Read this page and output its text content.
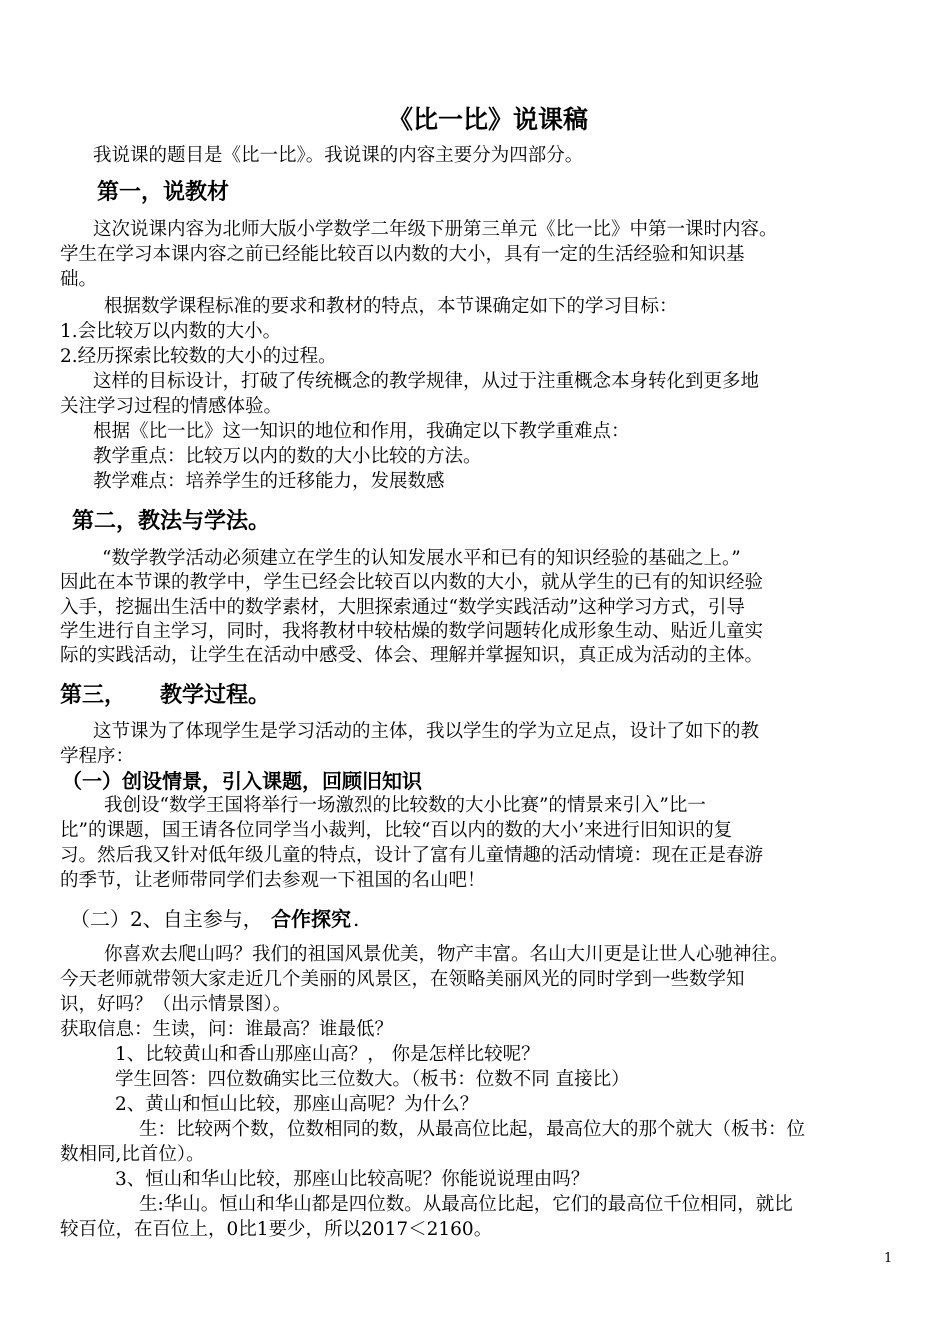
《比一比》说课稿
我说课的题目是《比一比》。我说课的内容主要分为四部分。
第一，说教材
这次说课内容为北师大版小学数学二年级下册第三单元《比一比》中第一课时内容。
学生在学习本课内容之前已经能比较百以内数的大小，具有一定的生活经验和知识基
础。
根据数学课程标准的要求和教材的特点，本节课确定如下的学习目标：
1.会比较万以内数的大小。
2.经历探索比较数的大小的过程。
这样的目标设计，打破了传统概念的教学规律，从过于注重概念本身转化到更多地
关注学习过程的情感体验。
根据《比一比》这一知识的地位和作用，我确定以下教学重难点：
教学重点：比较万以内的数的大小比较的方法。
教学难点：培养学生的迁移能力，发展数感
第二，教法与学法。
“数学教学活动必须建立在学生的认知发展水平和已有的知识经验的基础之上。”
因此在本节课的教学中，学生已经会比较百以内数的大小，就从学生的已有的知识经验
入手，挖掘出生活中的数学素材，大胆探索通过“数学实践活动”这种学习方式，引导
学生进行自主学习，同时，我将教材中较枯燥的数学问题转化成形象生动、贴近儿童实
际的实践活动，让学生在活动中感受、体会、理解并掌握知识，真正成为活动的主体。
第三， 教学过程。
这节课为了体现学生是学习活动的主体，我以学生的学为立足点，设计了如下的教
学程序：
（一）创设情景，引入课题，回顾旧知识
我创设“数学王国将举行一场激烈的比较数的大小比赛”的情景来引入”比一
比”的课题，国王请各位同学当小裁判，比较“百以内的数的大小’来进行旧知识的复
习。然后我又针对低年级儿童的特点，设计了富有儿童情趣的活动情境：现在正是春游
的季节，让老师带同学们去参观一下祖国的名山吧！
（二）2、自主参与， 合作探究 .
你喜欢去爬山吗？我们的祖国风景优美，物产丰富。名山大川更是让世人心驰神往。
今天老师就带领大家走近几个美丽的风景区，在领略美丽风光的同时学到一些数学知
识，好吗？（出示情景图）。
获取信息：生读，问：谁最高？谁最低？
1、比较黄山和香山那座山高？， 你是怎样比较呢？
学生回答：四位数确实比三位数大。（板书：位数不同 直接比）
2、黄山和恒山比较，那座山高呢？为什么？
生：比较两个数，位数相同的数，从最高位比起，最高位大的那个就大（板书：位
数相同,比首位）。
3、恒山和华山比较，那座山比较高呢？你能说说理由吗？
生:华山。恒山和华山都是四位数。从最高位比起，它们的最高位千位相同，就比
较百位，在百位上，0比1要少，所以2017＜2160。
1
